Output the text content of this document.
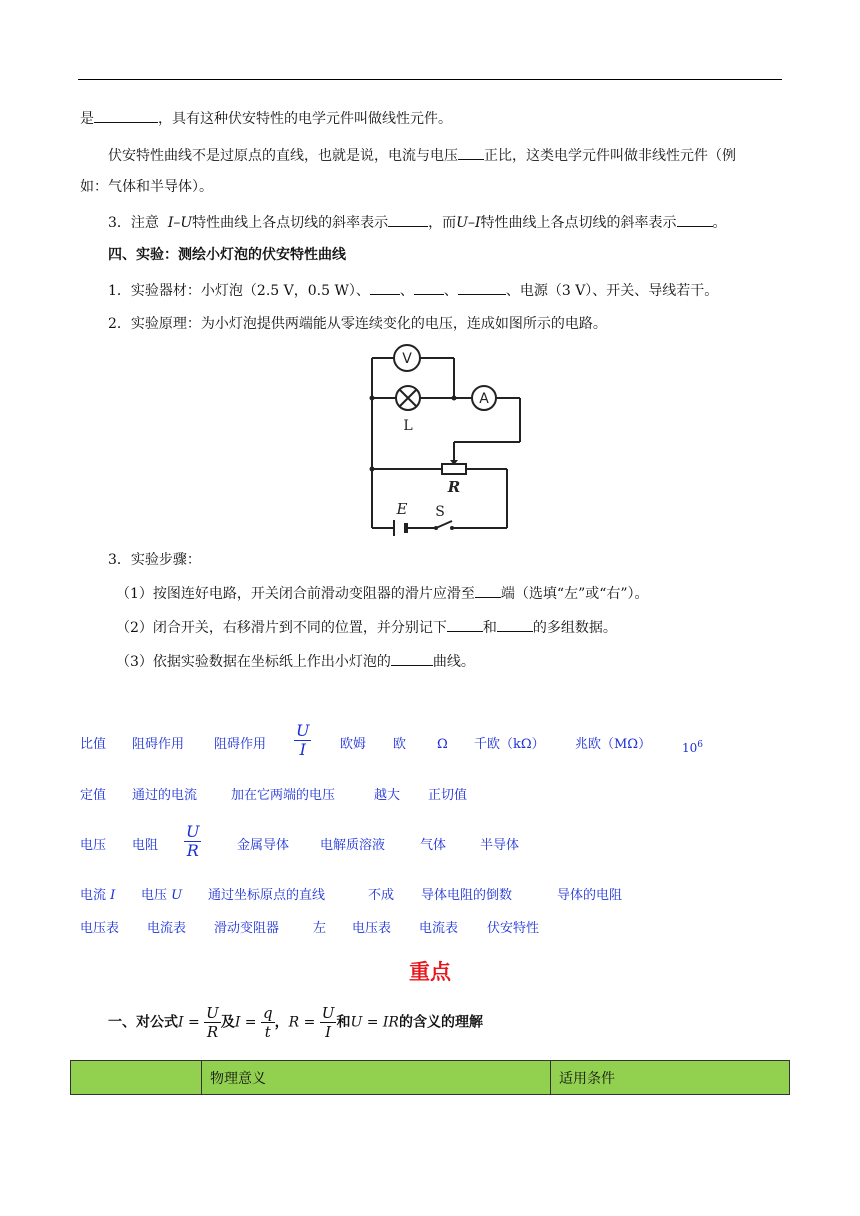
是	，具有这种伏安特性的电学元件叫做线性元件。
伏安特性曲线不是过原点的直线，也就是说，电流与电压 正比，这类电学元件叫做非线性元件（例
如：气体和半导体）。
3．注意 I–U特性曲线上各点切线的斜率表示	，而U–I特性曲线上各点切线的斜率表示	。
四、实验：测绘小灯泡的伏安特性曲线
1．实验器材：小灯泡（2.5 V，0.5 W）、 、 、	、电源（3 V）、开关、导线若干。
2．实验原理：为小灯泡提供两端能从零连续变化的电压，连成如图所示的电路。
V
L
A
R
E S
3．实验步骤：
（1）按图连好电路，开关闭合前滑动变阻器的滑片应滑至 端（选填“左”或“右”）。
（2）闭合开关，右移滑片到不同的位置，并分别记下	和	的多组数据。
（3）依据实验数据在坐标纸上作出小灯泡的	曲线。
比值 阻碍作用 阻碍作用 $\frac{U}{I}$ 欧姆 欧 Ω 千欧（kΩ） 兆欧（MΩ）	$10^6$
定值 通过的电流	加在它两端的电压	越大 正切值
电压 电阻 $\frac{U}{R}$	金属导体 电解质溶液	气体	半导体
电流 I 电压 U 通过坐标原点的直线	不成 导体电阻的倒数	导体的电阻
电压表 电流表 滑动变阻器	左 电压表 电流表 伏安特性
重点
一、对公式$I = \frac{U}{R}$ 及$I = \frac{q}{t}$ ，$R = \frac{U}{I}$ 和U = IR的含义的理解
	物理意义	适用条件
